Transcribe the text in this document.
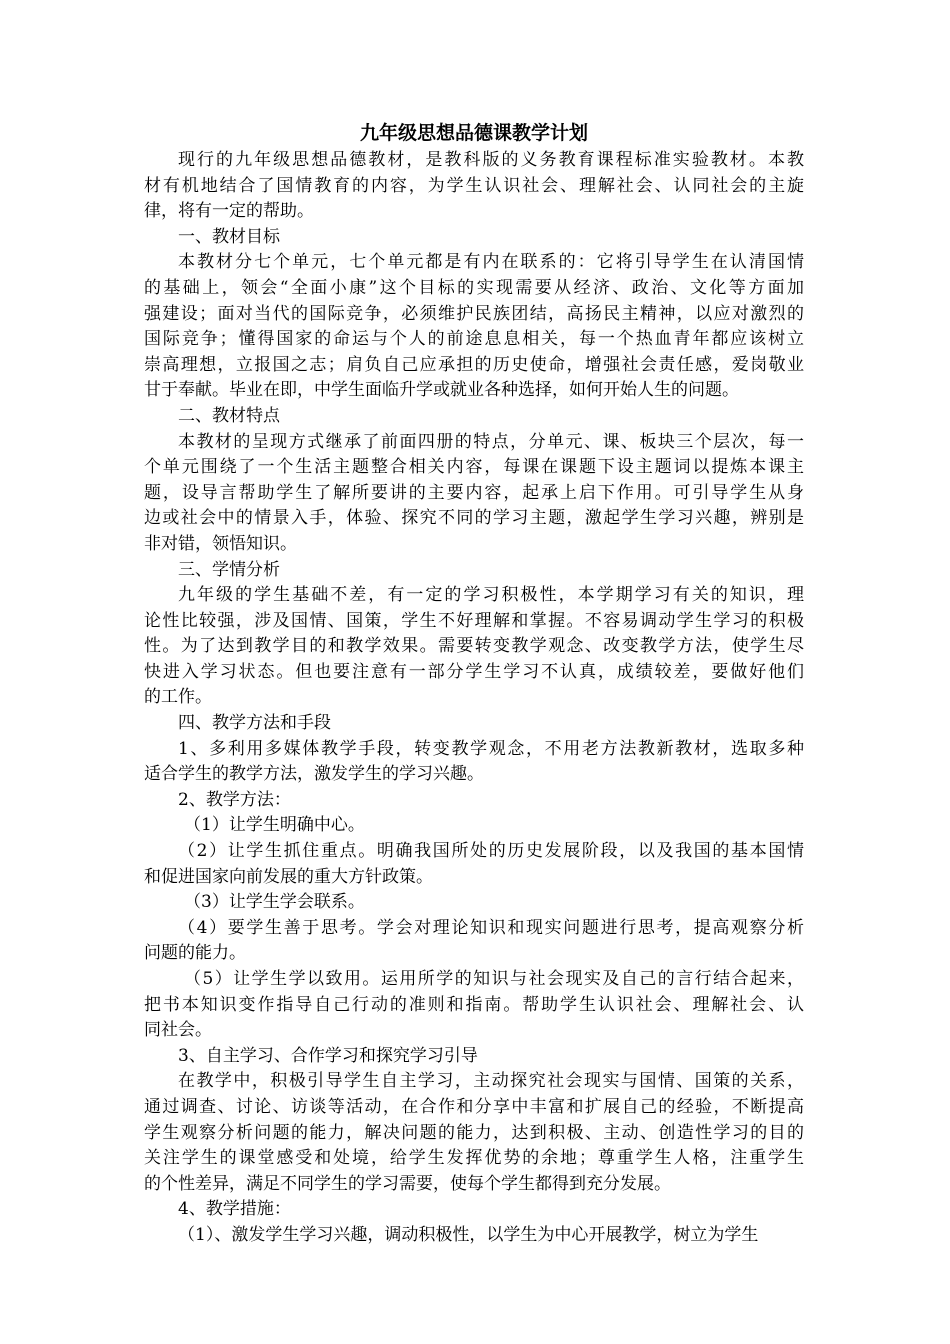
九年级思想品德课教学计划
现行的九年级思想品德教材，是教科版的义务教育课程标准实验教材。本教
材有机地结合了国情教育的内容，为学生认识社会、理解社会、认同社会的主旋
律，将有一定的帮助。
一、教材目标
本教材分七个单元，七个单元都是有内在联系的：它将引导学生在认清国情
的基础上，领会“全面小康”这个目标的实现需要从经济、政治、文化等方面加
强建设；面对当代的国际竞争，必须维护民族团结，高扬民主精神，以应对激烈的
国际竞争；懂得国家的命运与个人的前途息息相关，每一个热血青年都应该树立
崇高理想，立报国之志；肩负自己应承担的历史使命，增强社会责任感，爱岗敬业
甘于奉献。毕业在即，中学生面临升学或就业各种选择，如何开始人生的问题。
二、教材特点
本教材的呈现方式继承了前面四册的特点，分单元、课、板块三个层次，每一
个单元围绕了一个生活主题整合相关内容，每课在课题下设主题词以提炼本课主
题，设导言帮助学生了解所要讲的主要内容，起承上启下作用。可引导学生从身
边或社会中的情景入手，体验、探究不同的学习主题，激起学生学习兴趣，辨别是
非对错，领悟知识。
三、学情分析
九年级的学生基础不差，有一定的学习积极性，本学期学习有关的知识，理
论性比较强，涉及国情、国策，学生不好理解和掌握。不容易调动学生学习的积极
性。为了达到教学目的和教学效果。需要转变教学观念、改变教学方法，使学生尽
快进入学习状态。但也要注意有一部分学生学习不认真，成绩较差，要做好他们
的工作。
四、教学方法和手段
1、多利用多媒体教学手段，转变教学观念，不用老方法教新教材，选取多种
适合学生的教学方法，激发学生的学习兴趣。
2、教学方法：
（1）让学生明确中心。
（2）让学生抓住重点。明确我国所处的历史发展阶段，以及我国的基本国情
和促进国家向前发展的重大方针政策。
（3）让学生学会联系。
（4）要学生善于思考。学会对理论知识和现实问题进行思考，提高观察分析
问题的能力。
（5）让学生学以致用。运用所学的知识与社会现实及自己的言行结合起来，
把书本知识变作指导自己行动的准则和指南。帮助学生认识社会、理解社会、认
同社会。
3、自主学习、合作学习和探究学习引导
在教学中，积极引导学生自主学习，主动探究社会现实与国情、国策的关系，
通过调查、讨论、访谈等活动，在合作和分享中丰富和扩展自己的经验，不断提高
学生观察分析问题的能力，解决问题的能力，达到积极、主动、创造性学习的目的
关注学生的课堂感受和处境，给学生发挥优势的余地；尊重学生人格，注重学生
的个性差异，满足不同学生的学习需要，使每个学生都得到充分发展。
4、教学措施：
（1）、激发学生学习兴趣，调动积极性，以学生为中心开展教学，树立为学生
